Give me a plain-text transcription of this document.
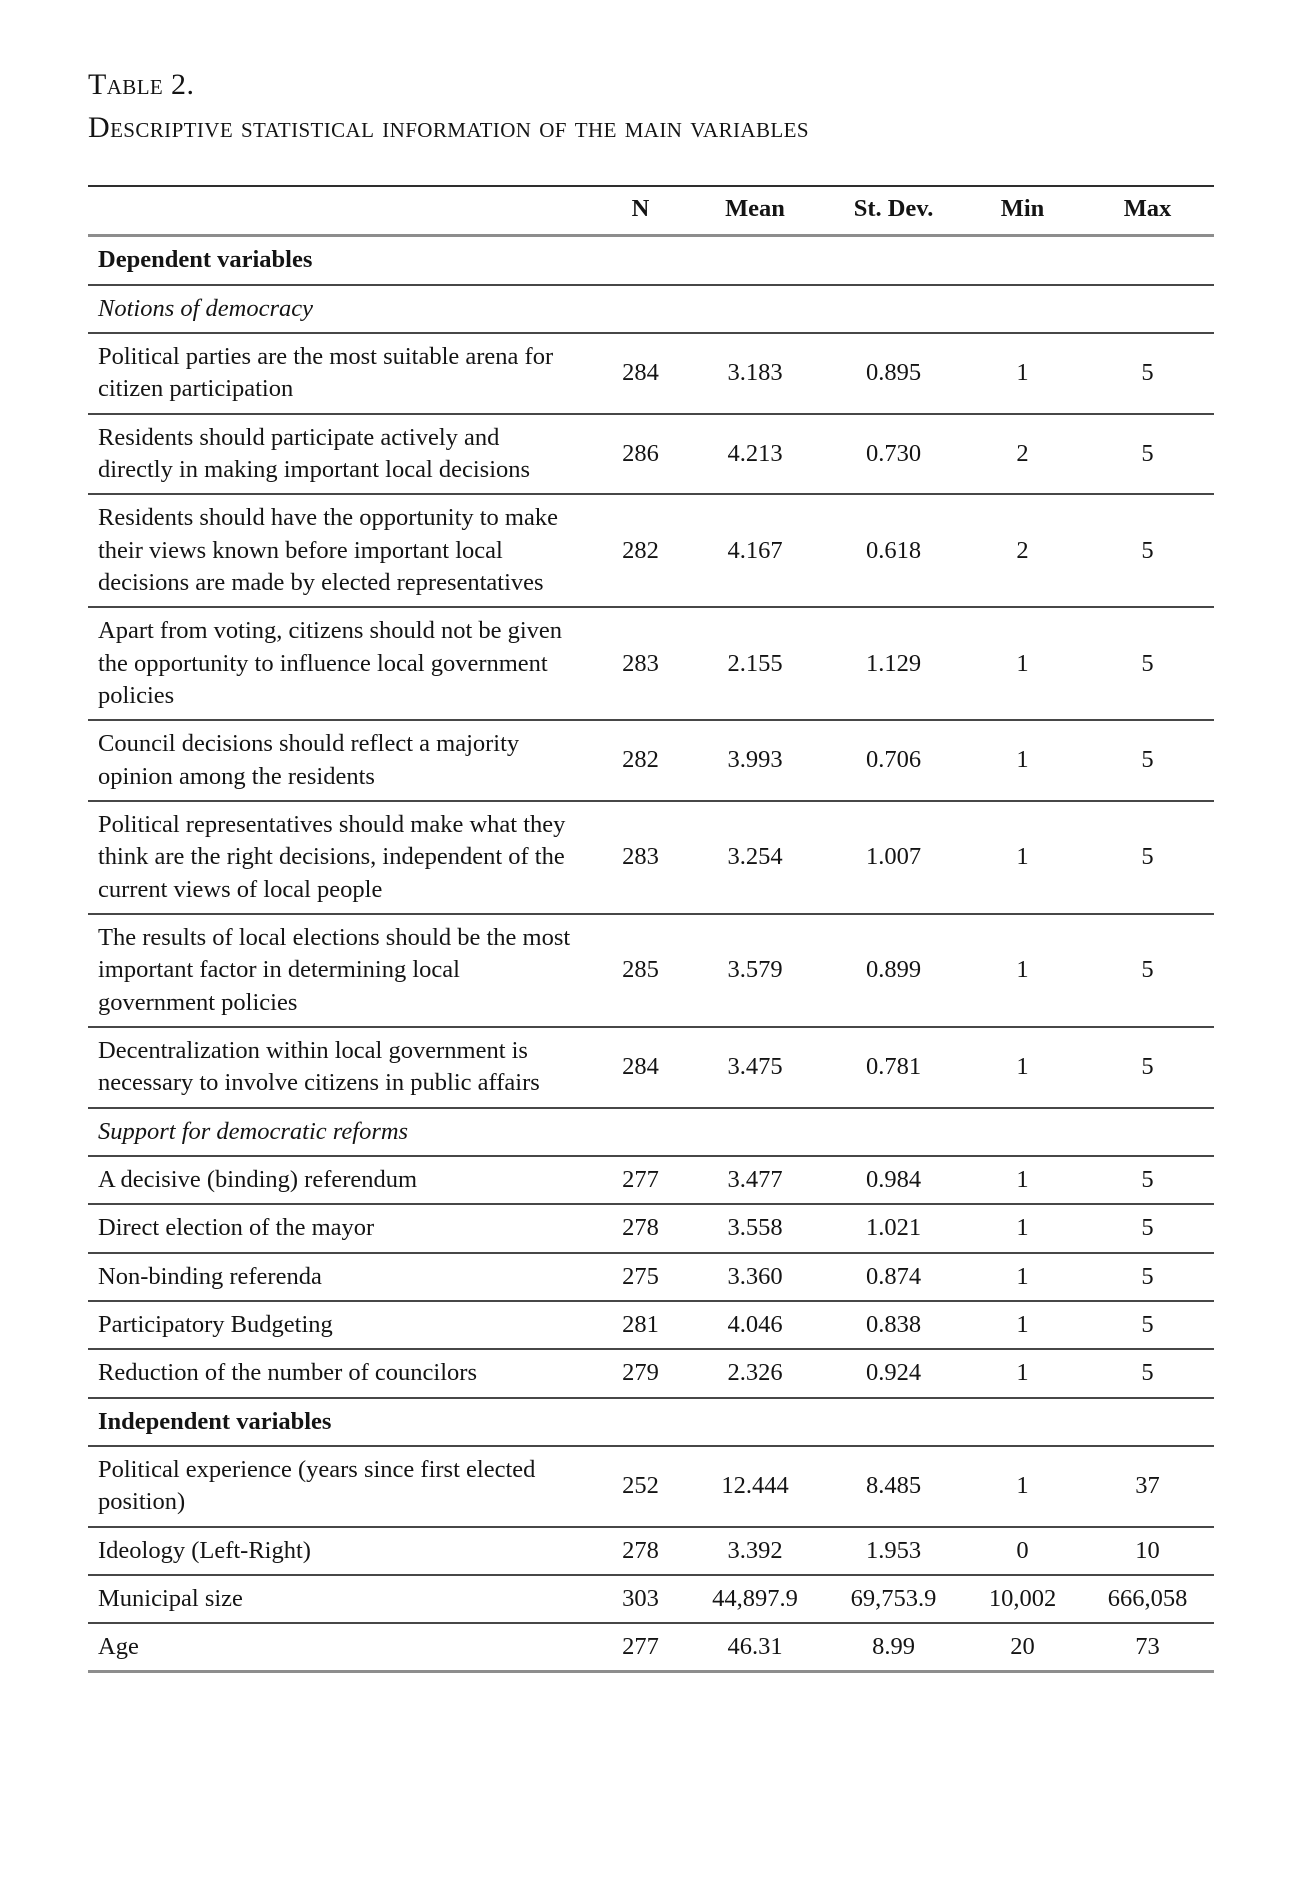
Table 2.
Descriptive statistical information of the main variables
	N	Mean	St. Dev.	Min	Max
Dependent variables					
Notions of democracy					
Political parties are the most suitable arena for citizen participation	284	3.183	0.895	1	5
Residents should participate actively and directly in making important local decisions	286	4.213	0.730	2	5
Residents should have the opportunity to make their views known before important local decisions are made by elected representatives	282	4.167	0.618	2	5
Apart from voting, citizens should not be given the opportunity to influence local government policies	283	2.155	1.129	1	5
Council decisions should reflect a majority opinion among the residents	282	3.993	0.706	1	5
Political representatives should make what they think are the right decisions, independent of the current views of local people	283	3.254	1.007	1	5
The results of local elections should be the most important factor in determining local government policies	285	3.579	0.899	1	5
Decentralization within local government is necessary to involve citizens in public affairs	284	3.475	0.781	1	5
Support for democratic reforms					
A decisive (binding) referendum	277	3.477	0.984	1	5
Direct election of the mayor	278	3.558	1.021	1	5
Non-binding referenda	275	3.360	0.874	1	5
Participatory Budgeting	281	4.046	0.838	1	5
Reduction of the number of councilors	279	2.326	0.924	1	5
Independent variables					
Political experience (years since first elected position)	252	12.444	8.485	1	37
Ideology (Left-Right)	278	3.392	1.953	0	10
Municipal size	303	44,897.9	69,753.9	10,002	666,058
Age	277	46.31	8.99	20	73
